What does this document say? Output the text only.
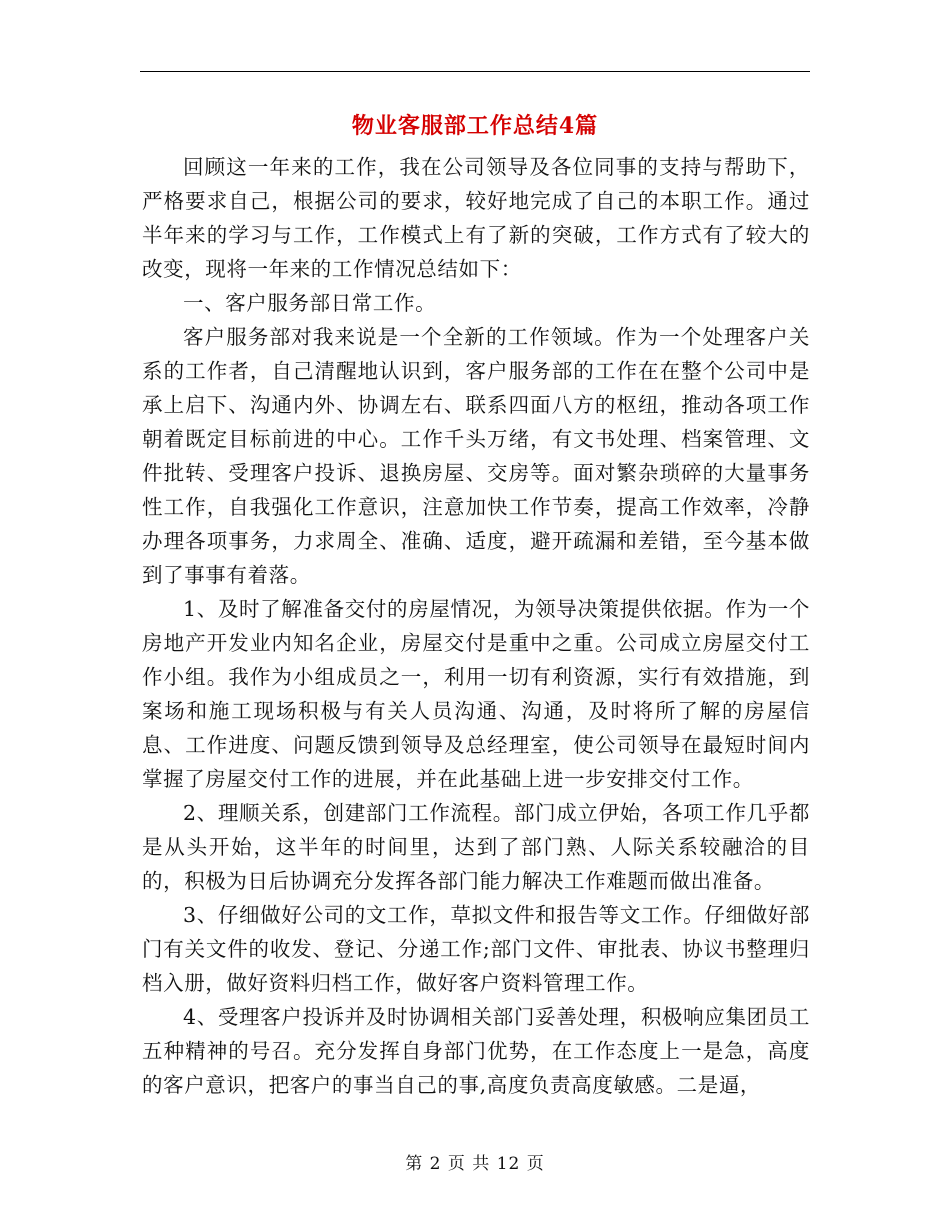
物业客服部工作总结4篇

回顾这一年来的工作，我在公司领导及各位同事的支持与帮助下，严格要求自己，根据公司的要求，较好地完成了自己的本职工作。通过半年来的学习与工作，工作模式上有了新的突破，工作方式有了较大的改变，现将一年来的工作情况总结如下：

一、客户服务部日常工作。

客户服务部对我来说是一个全新的工作领域。作为一个处理客户关系的工作者，自己清醒地认识到，客户服务部的工作在在整个公司中是承上启下、沟通内外、协调左右、联系四面八方的枢纽，推动各项工作朝着既定目标前进的中心。工作千头万绪，有文书处理、档案管理、文件批转、受理客户投诉、退换房屋、交房等。面对繁杂琐碎的大量事务性工作，自我强化工作意识，注意加快工作节奏，提高工作效率，冷静办理各项事务，力求周全、准确、适度，避开疏漏和差错，至今基本做到了事事有着落。

1、及时了解准备交付的房屋情况，为领导决策提供依据。作为一个房地产开发业内知名企业，房屋交付是重中之重。公司成立房屋交付工作小组。我作为小组成员之一，利用一切有利资源，实行有效措施，到案场和施工现场积极与有关人员沟通、沟通，及时将所了解的房屋信息、工作进度、问题反馈到领导及总经理室，使公司领导在最短时间内掌握了房屋交付工作的进展，并在此基础上进一步安排交付工作。

2、理顺关系，创建部门工作流程。部门成立伊始，各项工作几乎都是从头开始，这半年的时间里，达到了部门熟、人际关系较融洽的目的，积极为日后协调充分发挥各部门能力解决工作难题而做出准备。

3、仔细做好公司的文工作，草拟文件和报告等文工作。仔细做好部门有关文件的收发、登记、分递工作;部门文件、审批表、协议书整理归档入册，做好资料归档工作，做好客户资料管理工作。

4、受理客户投诉并及时协调相关部门妥善处理，积极响应集团员工五种精神的号召。充分发挥自身部门优势，在工作态度上一是急，高度的客户意识，把客户的事当自己的事,高度负责高度敏感。二是逼，

第 2 页 共 12 页
